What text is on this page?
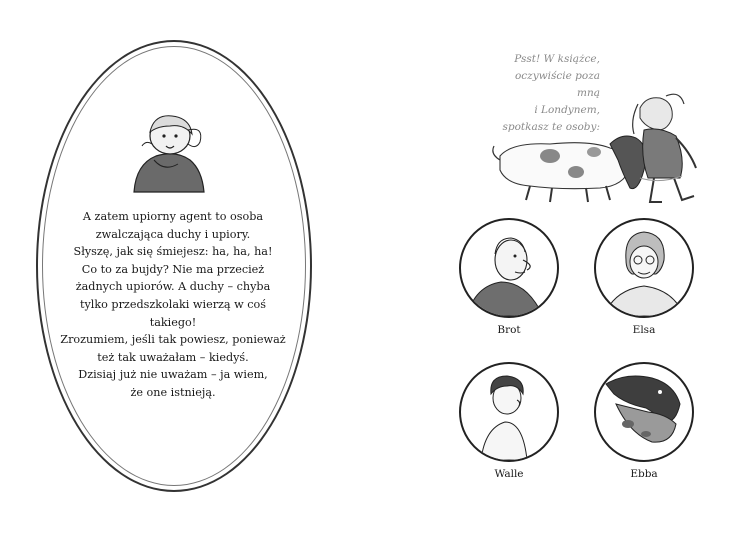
A zatem upiorny agent to osoba

zwalczająca duchy i upiory.

Słyszę, jak się śmiejesz: ha, ha, ha!

Co to za bujdy? Nie ma przecież

żadnych upiorów. A duchy – chyba

tylko przedszkolaki wierzą w coś takiego!

Zrozumiem, jeśli tak powiesz, ponieważ

też tak uważałam – kiedyś.

Dzisiaj już nie uważam – ja wiem,

że one istnieją.

Psst! W książce,
oczywiście poza mną
i Londynem,
spotkasz te osoby:
Brot	Elsa
Walle	Ebba
